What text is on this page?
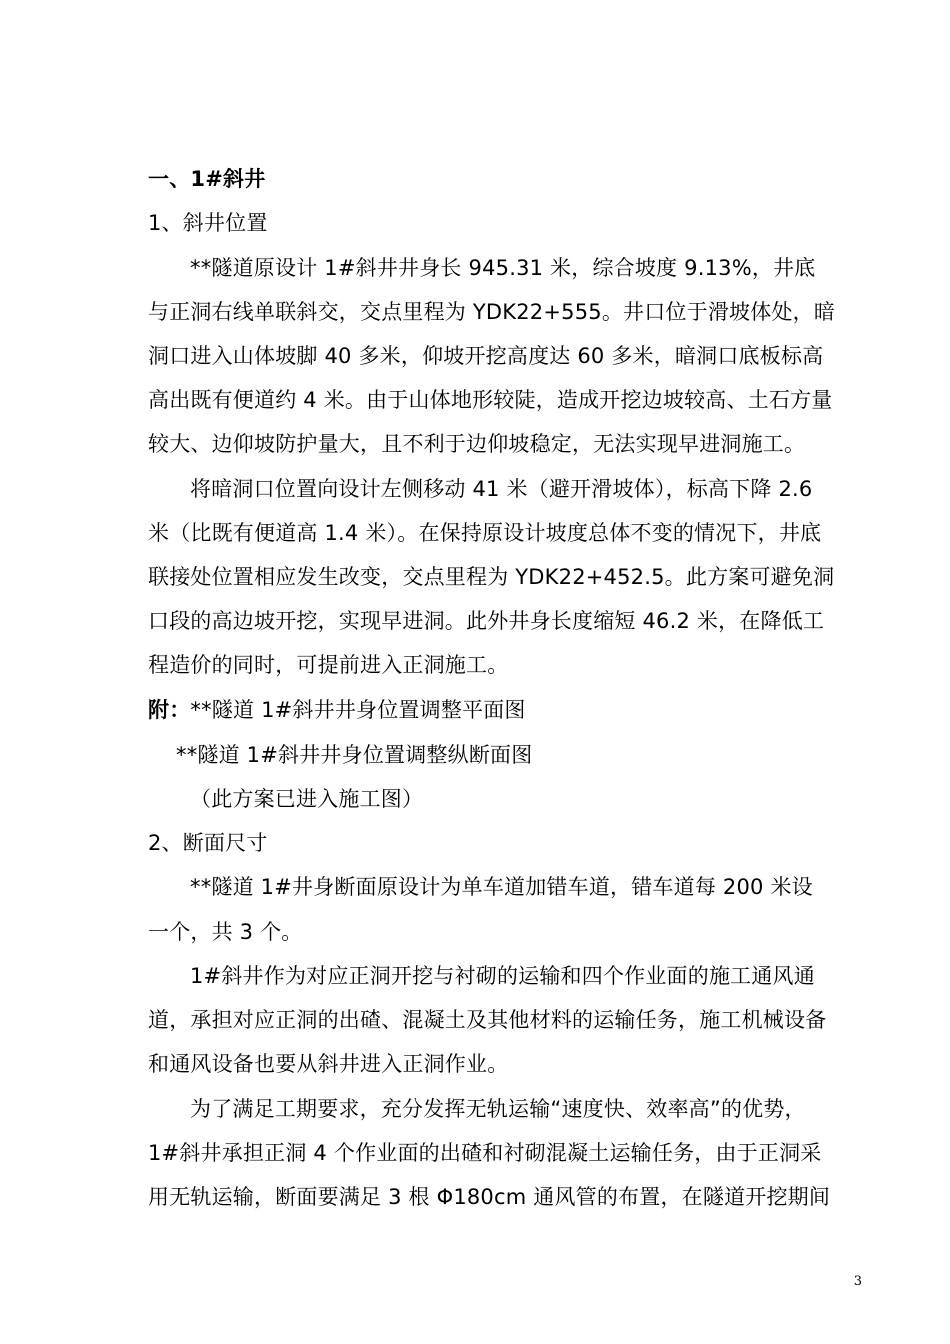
一、1#斜井
1、斜井位置
**隧道原设计 1#斜井井身长 945.31 米，综合坡度 9.13%，井底
与正洞右线单联斜交，交点里程为 YDK22+555。井口位于滑坡体处，暗
洞口进入山体坡脚 40 多米，仰坡开挖高度达 60 多米，暗洞口底板标高
高出既有便道约 4 米。由于山体地形较陡，造成开挖边坡较高、土石方量
较大、边仰坡防护量大，且不利于边仰坡稳定，无法实现早进洞施工。
将暗洞口位置向设计左侧移动 41 米（避开滑坡体），标高下降 2.6
米（比既有便道高 1.4 米）。在保持原设计坡度总体不变的情况下，井底
联接处位置相应发生改变，交点里程为 YDK22+452.5。此方案可避免洞
口段的高边坡开挖，实现早进洞。此外井身长度缩短 46.2 米，在降低工
程造价的同时，可提前进入正洞施工。
附：**隧道 1#斜井井身位置调整平面图
**隧道 1#斜井井身位置调整纵断面图
（此方案已进入施工图）
2、断面尺寸
**隧道 1#井身断面原设计为单车道加错车道，错车道每 200 米设
一个，共 3 个。
1#斜井作为对应正洞开挖与衬砌的运输和四个作业面的施工通风通
道，承担对应正洞的出碴、混凝土及其他材料的运输任务，施工机械设备
和通风设备也要从斜井进入正洞作业。
为了满足工期要求，充分发挥无轨运输“速度快、效率高”的优势，
1#斜井承担正洞 4 个作业面的出碴和衬砌混凝土运输任务，由于正洞采
用无轨运输，断面要满足 3 根 Φ180cm 通风管的布置，在隧道开挖期间
3
